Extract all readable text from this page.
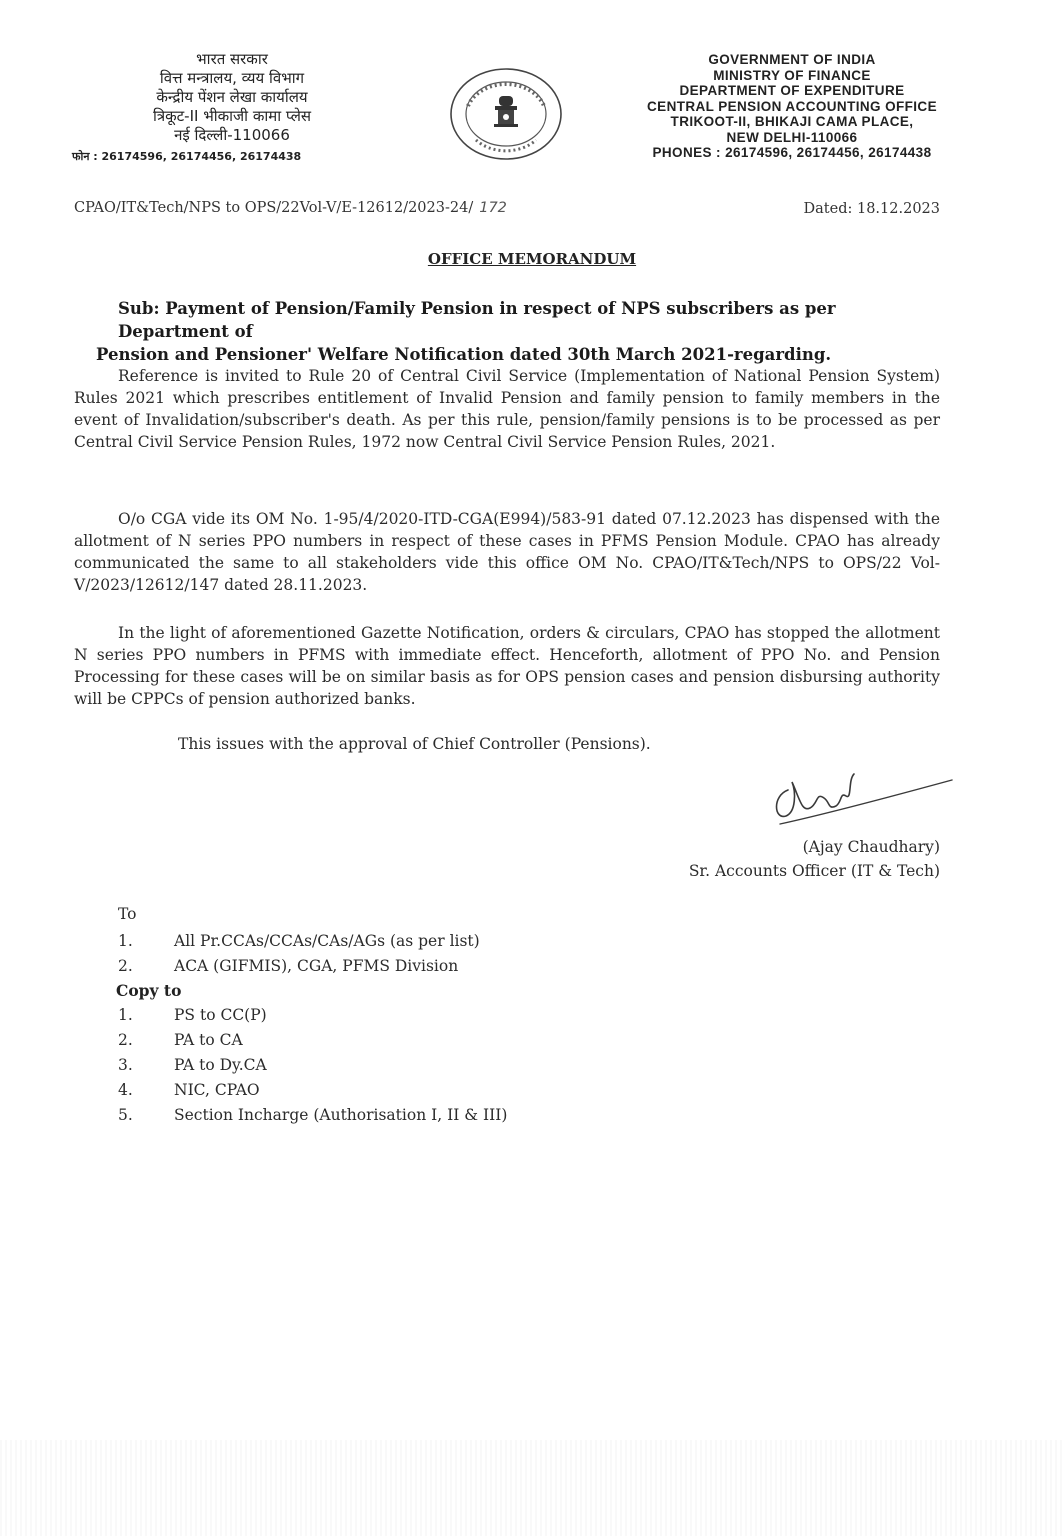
भारत सरकार
वित्त मन्त्रालय, व्यय विभाग
केन्द्रीय पेंशन लेखा कार्यालय
त्रिकूट-II भीकाजी कामा प्लेस
नई दिल्ली-110066
फोन : 26174596, 26174456, 26174438
GOVERNMENT OF INDIA
MINISTRY OF FINANCE
DEPARTMENT OF EXPENDITURE
CENTRAL PENSION ACCOUNTING OFFICE
TRIKOOT-II, BHIKAJI CAMA PLACE,
NEW DELHI-110066
PHONES : 26174596, 26174456, 26174438
CPAO/IT&Tech/NPS to OPS/22Vol-V/E-12612/2023-24/ 172	Dated: 18.12.2023
OFFICE MEMORANDUM
Sub: Payment of Pension/Family Pension in respect of NPS subscribers as per Department of
Pension and Pensioner' Welfare Notification dated 30th March 2021-regarding.

Reference is invited to Rule 20 of Central Civil Service (Implementation of National Pension System) Rules 2021 which prescribes entitlement of Invalid Pension and family pension to family members in the event of Invalidation/subscriber's death. As per this rule, pension/family pensions is to be processed as per Central Civil Service Pension Rules, 1972 now Central Civil Service Pension Rules, 2021.

O/o CGA vide its OM No. 1-95/4/2020-ITD-CGA(E994)/583-91 dated 07.12.2023 has dispensed with the allotment of N series PPO numbers in respect of these cases in PFMS Pension Module. CPAO has already communicated the same to all stakeholders vide this office OM No. CPAO/IT&Tech/NPS to OPS/22 Vol-V/2023/12612/147 dated 28.11.2023.

In the light of aforementioned Gazette Notification, orders & circulars, CPAO has stopped the allotment N series PPO numbers in PFMS with immediate effect. Henceforth, allotment of PPO No. and Pension Processing for these cases will be on similar basis as for OPS pension cases and pension disbursing authority will be CPPCs of pension authorized banks.

This issues with the approval of Chief Controller (Pensions).
(Ajay Chaudhary)
Sr. Accounts Officer (IT & Tech)
To
1.	All Pr.CCAs/CCAs/CAs/AGs (as per list)
2.	ACA (GIFMIS), CGA, PFMS Division
Copy to
1.	PS to CC(P)
2.	PA to CA
3.	PA to Dy.CA
4.	NIC, CPAO
5.	Section Incharge (Authorisation I, II & III)
